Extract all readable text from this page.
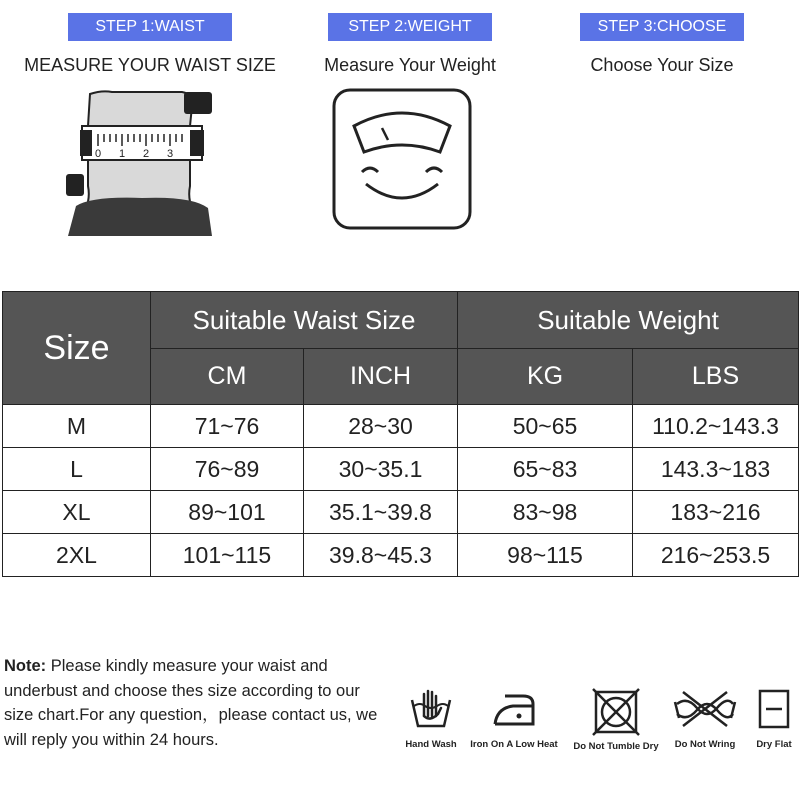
STEP 1:WAIST
MEASURE YOUR WAIST SIZE
STEP 2:WEIGHT
Measure Your Weight
STEP 3:CHOOSE
Choose Your Size
0 1 2 3
Size	Suitable Waist Size		Suitable Weight	
	CM	INCH	KG	LBS
M	71~76	28~30	50~65	110.2~143.3
L	76~89	30~35.1	65~83	143.3~183
XL	89~101	35.1~39.8	83~98	183~216
2XL	101~115	39.8~45.3	98~115	216~253.5
Note: Please kindly measure your waist and underbust and choose thes size according to our size chart.For any question，please contact us, we will reply you within 24 hours.	Hand Wash	Iron On A Low Heat	Do Not Tumble Dry	Do Not Wring	Dry Flat
